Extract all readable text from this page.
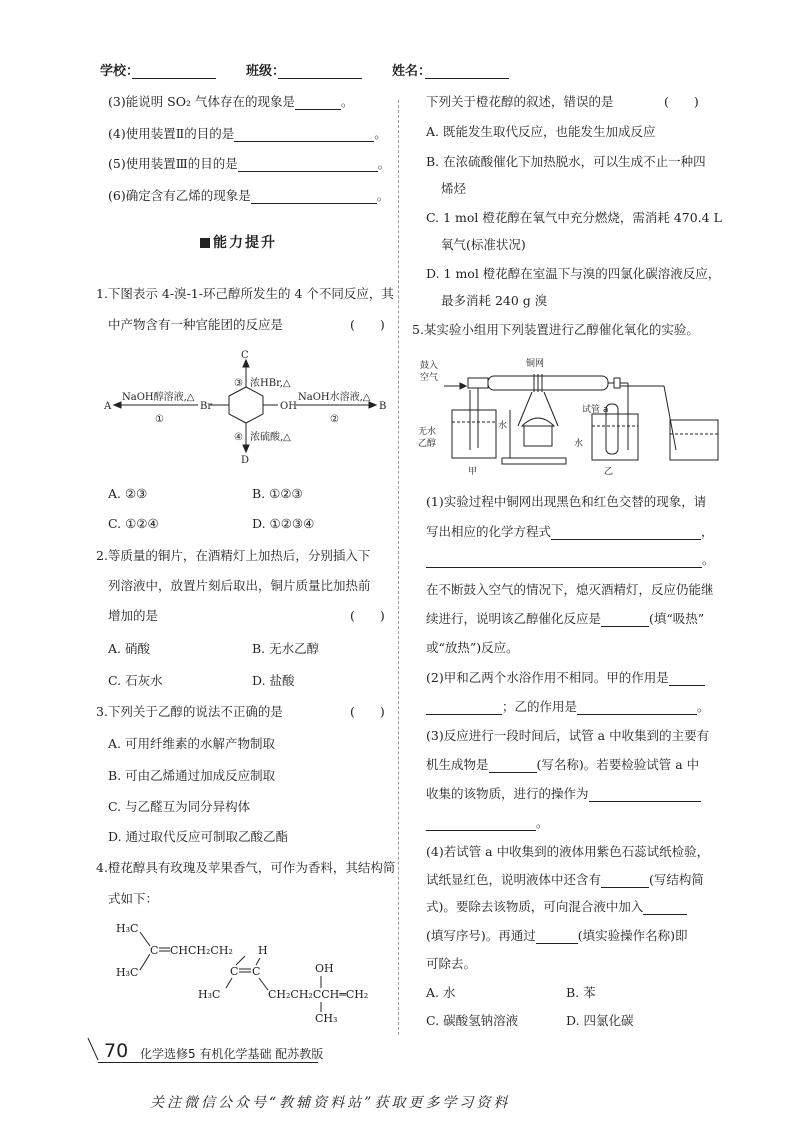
学校：	班级：	姓名：
(3)能说明 SO₂ 气体存在的现象是	。
(4)使用装置Ⅱ的目的是	。
(5)使用装置Ⅲ的目的是	。
(6)确定含有乙烯的现象是	。
能力提升
1.下图表示 4-溴-1-环己醇所发生的 4 个不同反应，其
中产物含有一种官能团的反应是	(　　)
C
D
A	B
Br	OH
③
④
浓HBr,△
浓硫酸,△
NaOH醇溶液,△
①
NaOH水溶液,△
②
A. ②③	B. ①②③
C. ①②④	D. ①②③④
2.等质量的铜片，在酒精灯上加热后，分别插入下
列溶液中，放置片刻后取出，铜片质量比加热前
增加的是	(　　)
A. 硝酸	B. 无水乙醇
C. 石灰水	D. 盐酸
3.下列关于乙醇的说法不正确的是	(　　)
A. 可用纤维素的水解产物制取
B. 可由乙烯通过加成反应制取
C. 与乙醛互为同分异构体
D. 通过取代反应可制取乙酸乙酯
4.橙花醇具有玫瑰及苹果香气，可作为香料，其结构简
式如下：
H₃C
H₃C
C CHCH₂CH₂ H
C C
H₃C
OH
CH₂CH₂CCH═CH₂
CH₃
下列关于橙花醇的叙述，错误的是	(　　)
A. 既能发生取代反应，也能发生加成反应
B. 在浓硫酸催化下加热脱水，可以生成不止一种四
烯烃
C. 1 mol 橙花醇在氧气中充分燃烧，需消耗 470.4 L
氧气(标准状况)
D. 1 mol 橙花醇在室温下与溴的四氯化碳溶液反应，
最多消耗 240 g 溴
5.某实验小组用下列装置进行乙醇催化氧化的实验。
鼓入
空气
铜网
试管 a
水
水
无水
乙醇
甲	乙
(1)实验过程中铜网出现黑色和红色交替的现象，请
写出相应的化学方程式	，
。
在不断鼓入空气的情况下，熄灭酒精灯，反应仍能继
续进行，说明该乙醇催化反应是	(填“吸热”
或“放热”)反应。
(2)甲和乙两个水浴作用不相同。甲的作用是
；乙的作用是	。
(3)反应进行一段时间后，试管 a 中收集到的主要有
机生成物是	(写名称)。若要检验试管 a 中
收集的该物质，进行的操作为
。
(4)若试管 a 中收集到的液体用紫色石蕊试纸检验，
试纸显红色，说明液体中还含有	(写结构简
式)。要除去该物质，可向混合液中加入
(填写序号)。再通过	(填实验操作名称)即
可除去。
A. 水	B. 苯
C. 碳酸氢钠溶液	D. 四氯化碳
70 化学选修5 有机化学基础 配苏教版
关注微信公众号“教辅资料站”获取更多学习资料
